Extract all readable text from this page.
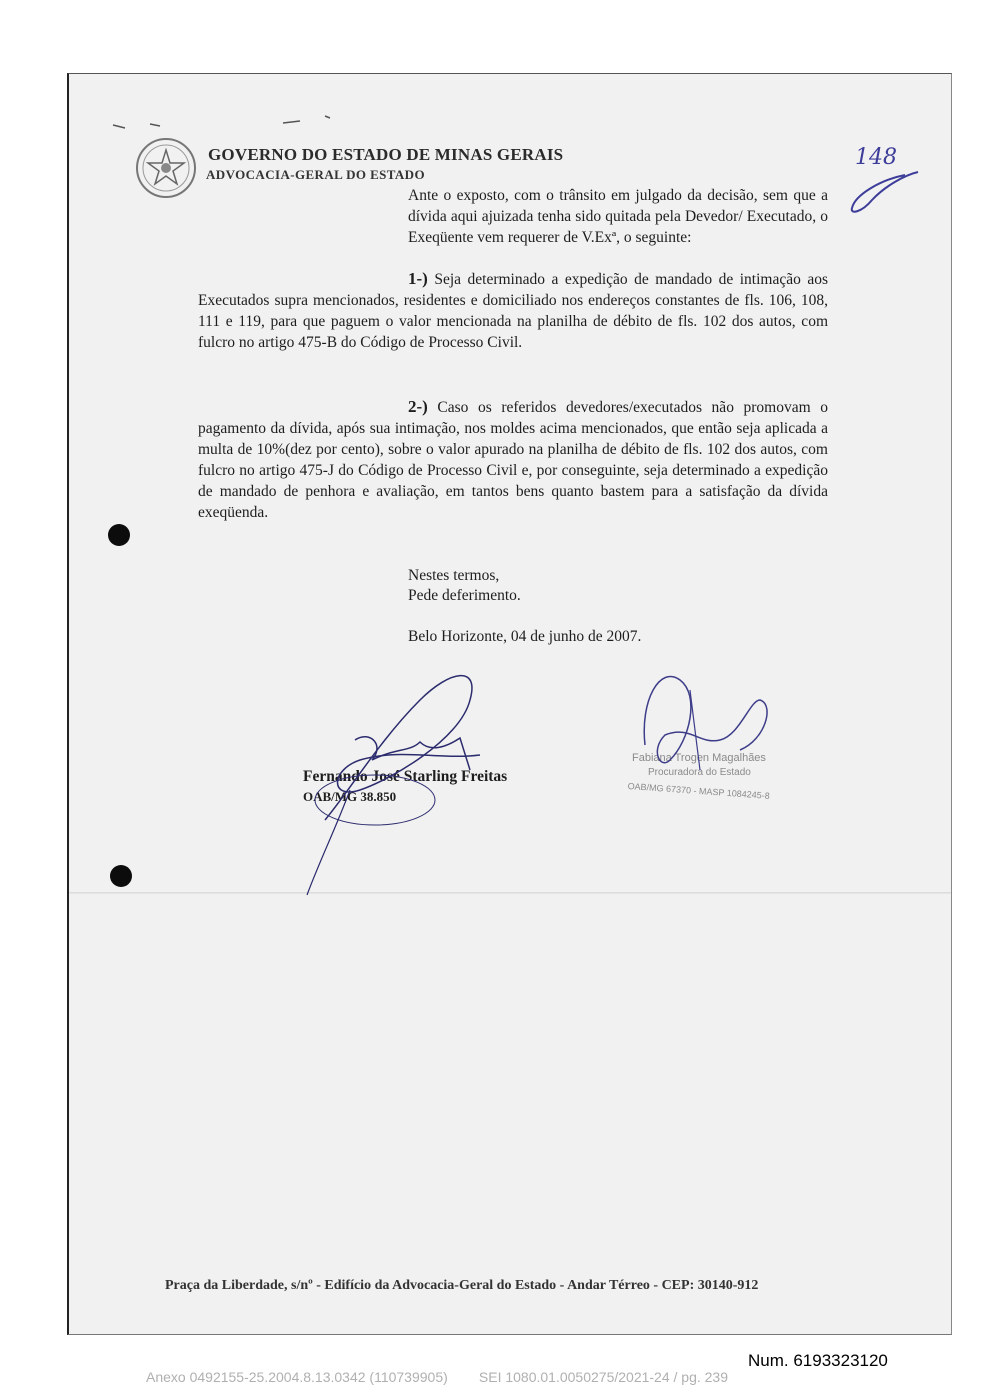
GOVERNO DO ESTADO DE MINAS GERAIS
ADVOCACIA-GERAL DO ESTADO
Ante o exposto, com o trânsito em julgado da decisão, sem que a dívida aqui ajuizada tenha sido quitada pela Devedor/ Executado, o Exeqüente vem requerer de V.Exª, o seguinte:
1-) Seja determinado a expedição de mandado de intimação aos Executados supra mencionados, residentes e domiciliado nos endereços constantes de fls. 106, 108, 111 e 119, para que paguem o valor mencionada na planilha de débito de fls. 102 dos autos, com fulcro no artigo 475-B do Código de Processo Civil.
2-) Caso os referidos devedores/executados não promovam o pagamento da dívida, após sua intimação, nos moldes acima mencionados, que então seja aplicada a multa de 10%(dez por cento), sobre o valor apurado na planilha de débito de fls. 102 dos autos, com fulcro no artigo 475-J do Código de Processo Civil e, por conseguinte, seja determinado a expedição de mandado de penhora e avaliação, em tantos bens quanto bastem para a satisfação da dívida exeqüenda.
Nestes termos,
Pede deferimento.
Belo Horizonte, 04 de junho de 2007.
Fernando José Starling Freitas
OAB/MG 38.850
Fabiana Trogen Magalhães
Procuradora do Estado
OAB/MG 67370 - MASP 1084245-8
148
Praça da Liberdade, s/nº - Edifício da Advocacia-Geral do Estado - Andar Térreo - CEP: 30140-912
Num. 6193323120
Anexo 0492155-25.2004.8.13.0342 (110739905)        SEI 1080.01.0050275/2021-24 / pg. 239
